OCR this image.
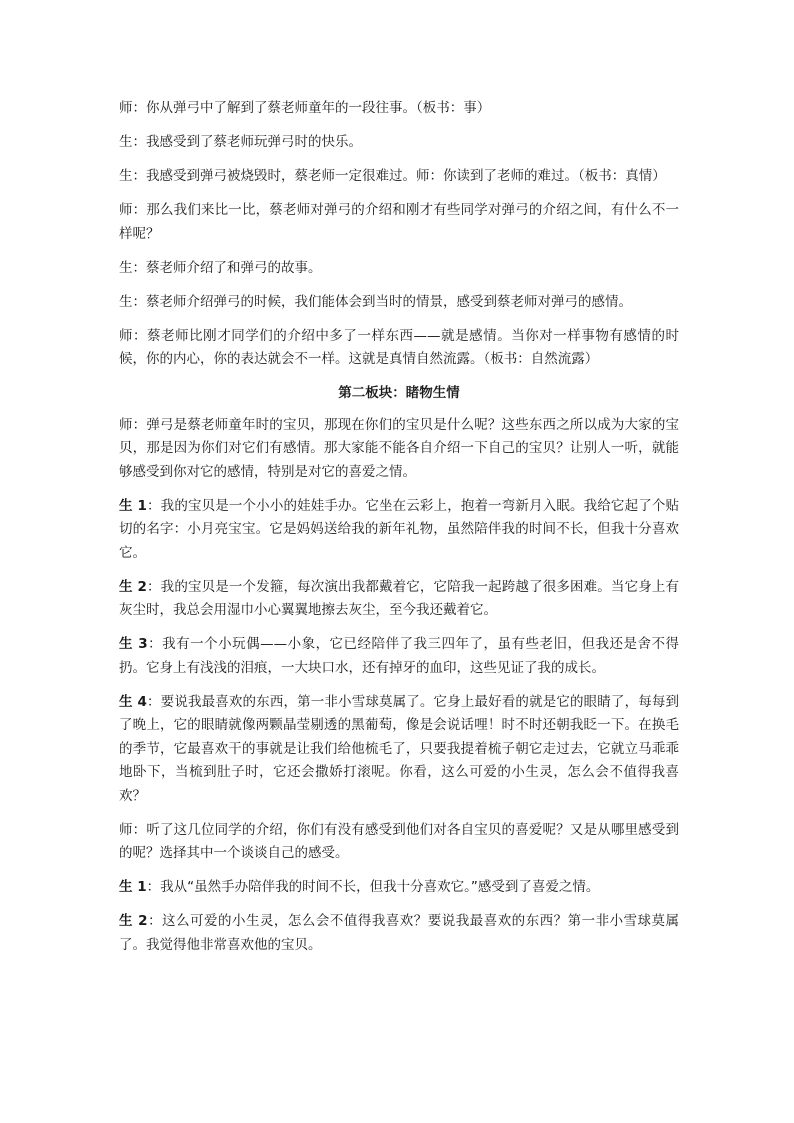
师：你从弹弓中了解到了蔡老师童年的一段往事。（板书：事）

生：我感受到了蔡老师玩弹弓时的快乐。

生：我感受到弹弓被烧毁时，蔡老师一定很难过。师：你读到了老师的难过。（板书：真情）

师：那么我们来比一比，蔡老师对弹弓的介绍和刚才有些同学对弹弓的介绍之间，有什么不一样呢？

生：蔡老师介绍了和弹弓的故事。

生：蔡老师介绍弹弓的时候，我们能体会到当时的情景，感受到蔡老师对弹弓的感情。

师：蔡老师比刚才同学们的介绍中多了一样东西——就是感情。当你对一样事物有感情的时候，你的内心，你的表达就会不一样。这就是真情自然流露。（板书：自然流露）

第二板块：睹物生情

师：弹弓是蔡老师童年时的宝贝，那现在你们的宝贝是什么呢？这些东西之所以成为大家的宝贝，那是因为你们对它们有感情。那大家能不能各自介绍一下自己的宝贝？让别人一听，就能够感受到你对它的感情，特别是对它的喜爱之情。

生 1：我的宝贝是一个小小的娃娃手办。它坐在云彩上，抱着一弯新月入眠。我给它起了个贴切的名字：小月亮宝宝。它是妈妈送给我的新年礼物，虽然陪伴我的时间不长，但我十分喜欢它。

生 2：我的宝贝是一个发箍，每次演出我都戴着它，它陪我一起跨越了很多困难。当它身上有灰尘时，我总会用湿巾小心翼翼地擦去灰尘，至今我还戴着它。

生 3：我有一个小玩偶——小象，它已经陪伴了我三四年了，虽有些老旧，但我还是舍不得扔。它身上有浅浅的泪痕，一大块口水，还有掉牙的血印，这些见证了我的成长。

生 4：要说我最喜欢的东西，第一非小雪球莫属了。它身上最好看的就是它的眼睛了，每每到了晚上，它的眼睛就像两颗晶莹剔透的黑葡萄，像是会说话哩！时不时还朝我眨一下。在换毛的季节，它最喜欢干的事就是让我们给他梳毛了，只要我提着梳子朝它走过去，它就立马乖乖地卧下，当梳到肚子时，它还会撒娇打滚呢。你看，这么可爱的小生灵，怎么会不值得我喜欢？

师：听了这几位同学的介绍，你们有没有感受到他们对各自宝贝的喜爱呢？又是从哪里感受到的呢？选择其中一个谈谈自己的感受。

生 1：我从“虽然手办陪伴我的时间不长，但我十分喜欢它。”感受到了喜爱之情。

生 2：这么可爱的小生灵，怎么会不值得我喜欢？要说我最喜欢的东西？第一非小雪球莫属了。我觉得他非常喜欢他的宝贝。
